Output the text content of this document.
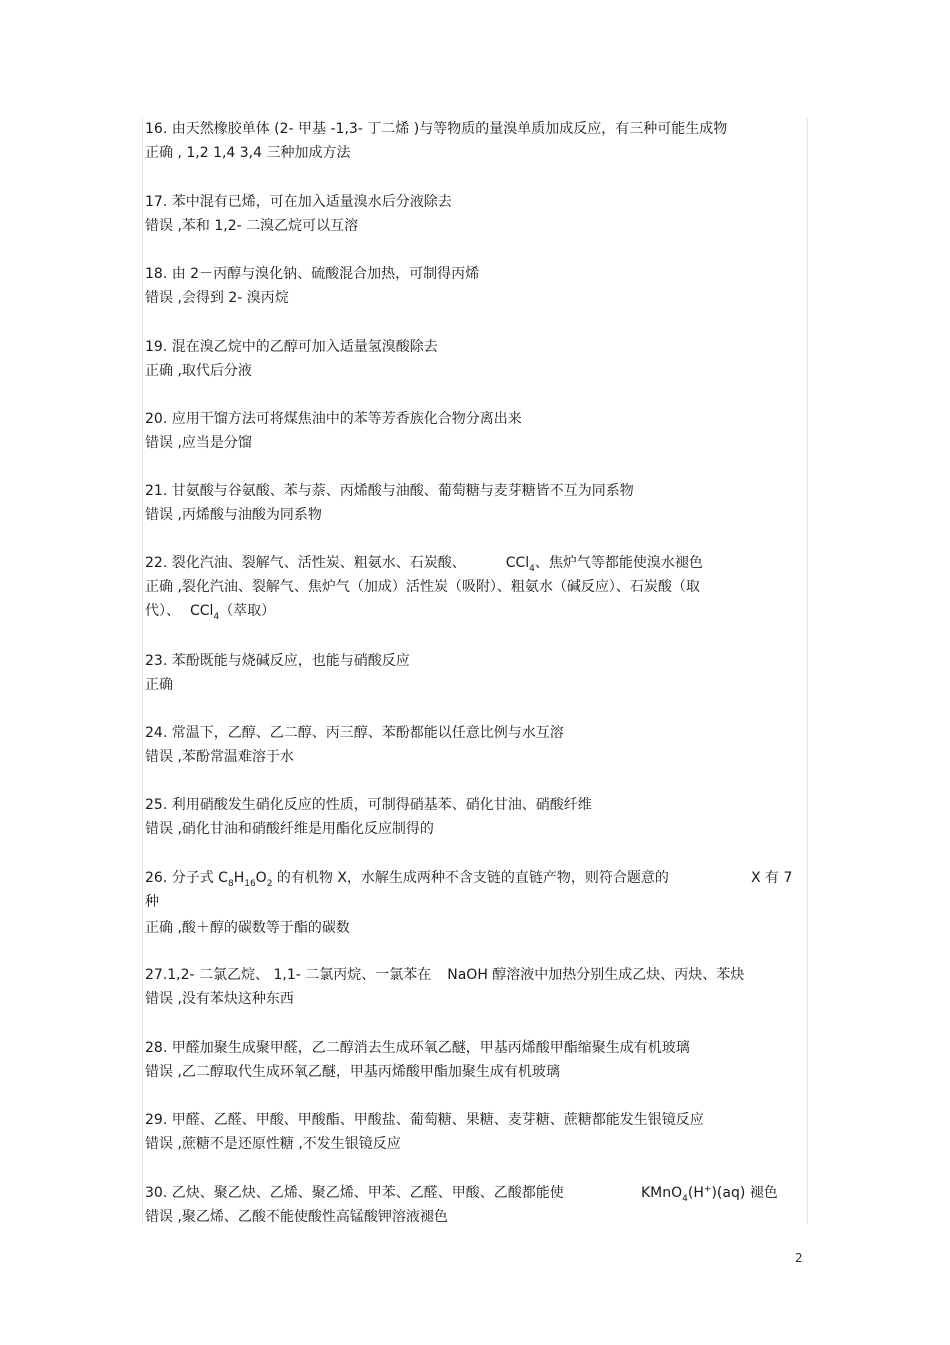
16. 由天然橡胶单体 (2- 甲基 -1,3- 丁二烯 )与等物质的量溴单质加成反应，有三种可能生成物
正确 , 1,2 1,4 3,4 三种加成方法
17. 苯中混有已烯，可在加入适量溴水后分液除去
错误 ,苯和 1,2- 二溴乙烷可以互溶
18. 由 2－丙醇与溴化钠、硫酸混合加热，可制得丙烯
错误 ,会得到 2- 溴丙烷
19. 混在溴乙烷中的乙醇可加入适量氢溴酸除去
正确 ,取代后分液
20. 应用干馏方法可将煤焦油中的苯等芳香族化合物分离出来
错误 ,应当是分馏
21. 甘氨酸与谷氨酸、苯与萘、丙烯酸与油酸、葡萄糖与麦芽糖皆不互为同系物
错误 ,丙烯酸与油酸为同系物
22. 裂化汽油、裂解气、活性炭、粗氨水、石炭酸、	CCl$_4$、焦炉气等都能使溴水褪色
正确 ,裂化汽油、裂解气、焦炉气（加成）活性炭（吸附）、粗氨水（碱反应）、石炭酸（取
代）、 CCl$_4$（萃取）
23. 苯酚既能与烧碱反应，也能与硝酸反应
正确
24. 常温下，乙醇、乙二醇、丙三醇、苯酚都能以任意比例与水互溶
错误 ,苯酚常温难溶于水
25. 利用硝酸发生硝化反应的性质，可制得硝基苯、硝化甘油、硝酸纤维
错误 ,硝化甘油和硝酸纤维是用酯化反应制得的
26. 分子式 $C_8H_{16}O_2$ 的有机物 X，水解生成两种不含支链的直链产物，则符合题意的	X 有 7
种
正确 ,酸＋醇的碳数等于酯的碳数
27.1,2- 二氯乙烷、 1,1- 二氯丙烷、一氯苯在 NaOH 醇溶液中加热分别生成乙炔、丙炔、苯炔
错误 ,没有苯炔这种东西
28. 甲醛加聚生成聚甲醛，乙二醇消去生成环氧乙醚，甲基丙烯酸甲酯缩聚生成有机玻璃
错误 ,乙二醇取代生成环氧乙醚，甲基丙烯酸甲酯加聚生成有机玻璃
29. 甲醛、乙醛、甲酸、甲酸酯、甲酸盐、葡萄糖、果糖、麦芽糖、蔗糖都能发生银镜反应
错误 ,蔗糖不是还原性糖 ,不发生银镜反应
30. 乙炔、聚乙炔、乙烯、聚乙烯、甲苯、乙醛、甲酸、乙酸都能使	KMnO$_4$(H+)(aq) 褪色
错误 ,聚乙烯、乙酸不能使酸性高锰酸钾溶液褪色
2
